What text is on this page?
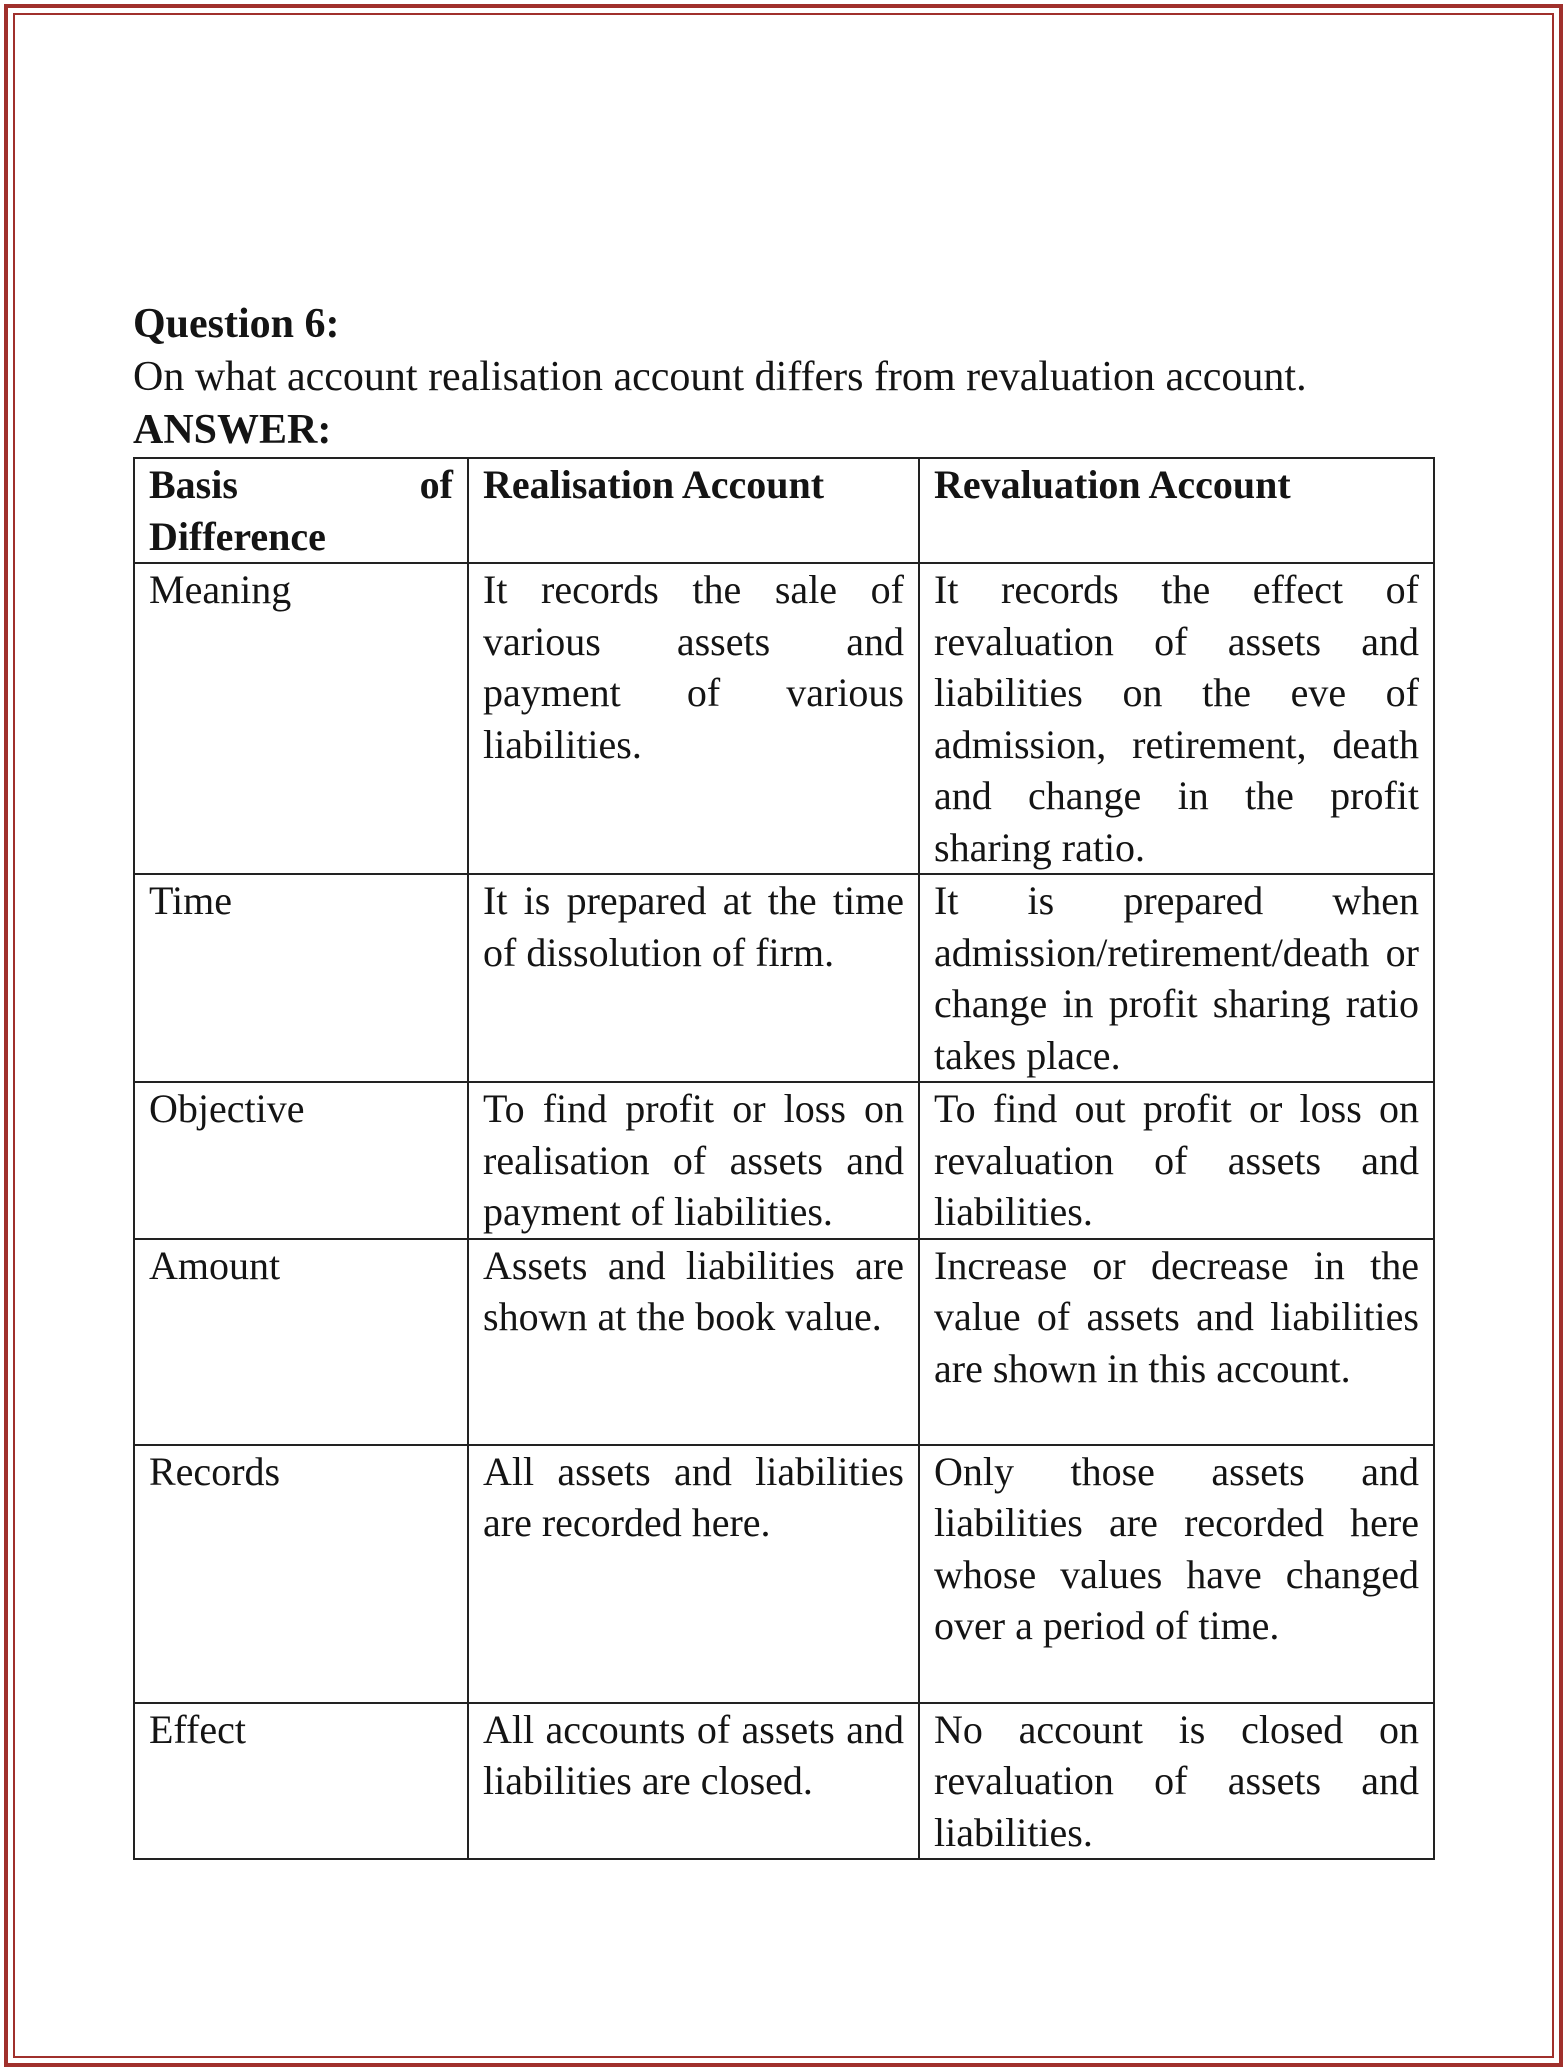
Question 6:

On what account realisation account differs from revaluation account.

ANSWER:

Basis of Difference	Realisation Account	Revaluation Account
Meaning	It records the sale of various assets and payment of various liabilities.	It records the effect of revaluation of assets and liabilities on the eve of admission, retirement, death and change in the profit sharing ratio.
Time	It is prepared at the time of dissolution of firm.	It is prepared when admission/retirement/death or change in profit sharing ratio takes place.
Objective	To find profit or loss on realisation of assets and payment of liabilities.	To find out profit or loss on revaluation of assets and liabilities.
Amount	Assets and liabilities are shown at the book value.	Increase or decrease in the value of assets and liabilities are shown in this account.
Records	All assets and liabilities are recorded here.	Only those assets and liabilities are recorded here whose values have changed over a period of time.
Effect	All accounts of assets and liabilities are closed.	No account is closed on revaluation of assets and liabilities.
